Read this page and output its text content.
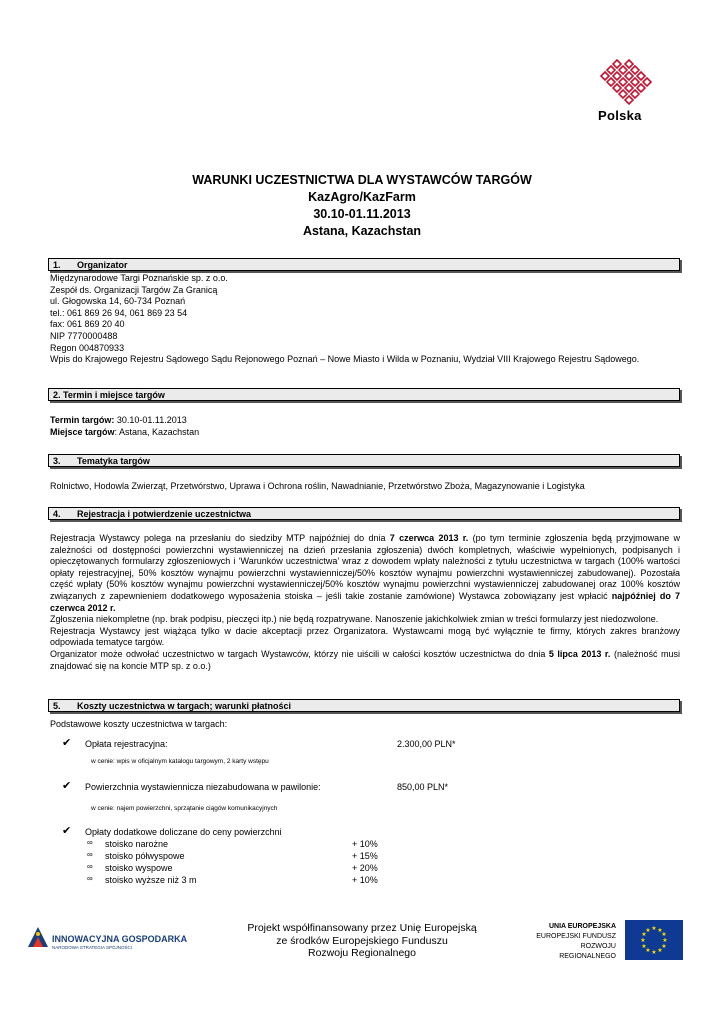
Polska
WARUNKI UCZESTNICTWA DLA WYSTAWCÓW TARGÓW
KazAgro/KazFarm
30.10-01.11.2013
Astana, Kazachstan
1. Organizator
Międzynarodowe Targi Poznańskie sp. z o.o.
Zespół ds. Organizacji Targów Za Granicą
ul. Głogowska 14, 60-734 Poznań
tel.: 061 869 26 94, 061 869 23 54
fax: 061 869 20 40
NIP 7770000488
Regon 004870933
Wpis do Krajowego Rejestru Sądowego Sądu Rejonowego Poznań – Nowe Miasto i Wilda w Poznaniu, Wydział VIII Krajowego Rejestru Sądowego.
2. Termin i miejsce targów
Termin targów: 30.10-01.11.2013
Miejsce targów: Astana, Kazachstan
3. Tematyka targów
Rolnictwo, Hodowla Zwierząt, Przetwórstwo, Uprawa i Ochrona roślin, Nawadnianie, Przetwórstwo Zboża, Magazynowanie i Logistyka
4. Rejestracja i potwierdzenie uczestnictwa
Rejestracja Wystawcy polega na przesłaniu do siedziby MTP najpóźniej do dnia 7 czerwca 2013 r. (po tym terminie zgłoszenia będą przyjmowane w zależności od dostępności powierzchni wystawienniczej na dzień przesłania zgłoszenia) dwóch kompletnych, właściwie wypełnionych, podpisanych i opieczętowanych formularzy zgłoszeniowych i ‘Warunków uczestnictwa’ wraz z dowodem wpłaty należności z tytułu uczestnictwa w targach (100% wartości opłaty rejestracyjnej, 50% kosztów wynajmu powierzchni wystawienniczej/50% kosztów wynajmu powierzchni wystawienniczej zabudowanej). Pozostała część wpłaty (50% kosztów wynajmu powierzchni wystawienniczej/50% kosztów wynajmu powierzchni wystawienniczej zabudowanej oraz 100% kosztów związanych z zapewnieniem dodatkowego wyposażenia stoiska – jeśli takie zostanie zamówione) Wystawca zobowiązany jest wpłacić najpóźniej do 7 czerwca 2012 r.
Zgłoszenia niekompletne (np. brak podpisu, pieczęci itp.) nie będą rozpatrywane. Nanoszenie jakichkolwiek zmian w treści formularzy jest niedozwolone.
Rejestracja Wystawcy jest wiążąca tylko w dacie akceptacji przez Organizatora. Wystawcami mogą być wyłącznie te firmy, których zakres branżowy odpowiada tematyce targów.
Organizator może odwołać uczestnictwo w targach Wystawców, którzy nie uiścili w całości kosztów uczestnictwa do dnia 5 lipca 2013 r. (należność musi znajdować się na koncie MTP sp. z o.o.)
5. Koszty uczestnictwa w targach; warunki płatności
Podstawowe koszty uczestnictwa w targach:
✔ Opłata rejestracyjna:	2.300,00 PLN*
w cenie: wpis w oficjalnym katalogu targowym, 2 karty wstępu
✔ Powierzchnia wystawiennicza niezabudowana w pawilonie:	850,00 PLN*
w cenie: najem powierzchni, sprzątanie ciągów komunikacyjnych
✔ Opłaty dodatkowe doliczane do ceny powierzchni
∞ stoisko narożne	+ 10%
∞ stoisko półwyspowe	+ 15%
∞ stoisko wyspowe	+ 20%
∞ stoisko wyższe niż 3 m	+ 10%
INNOWACYJNA GOSPODARKA
NARODOWA STRATEGIA SPÓJNOŚCI
Projekt współfinansowany przez Unię Europejską
ze środków Europejskiego Funduszu
Rozwoju Regionalnego
UNIA EUROPEJSKA
EUROPEJSKI FUNDUSZ
ROZWOJU REGIONALNEGO
★ ★
★
★
★
★
★
★
★
★
★
★
